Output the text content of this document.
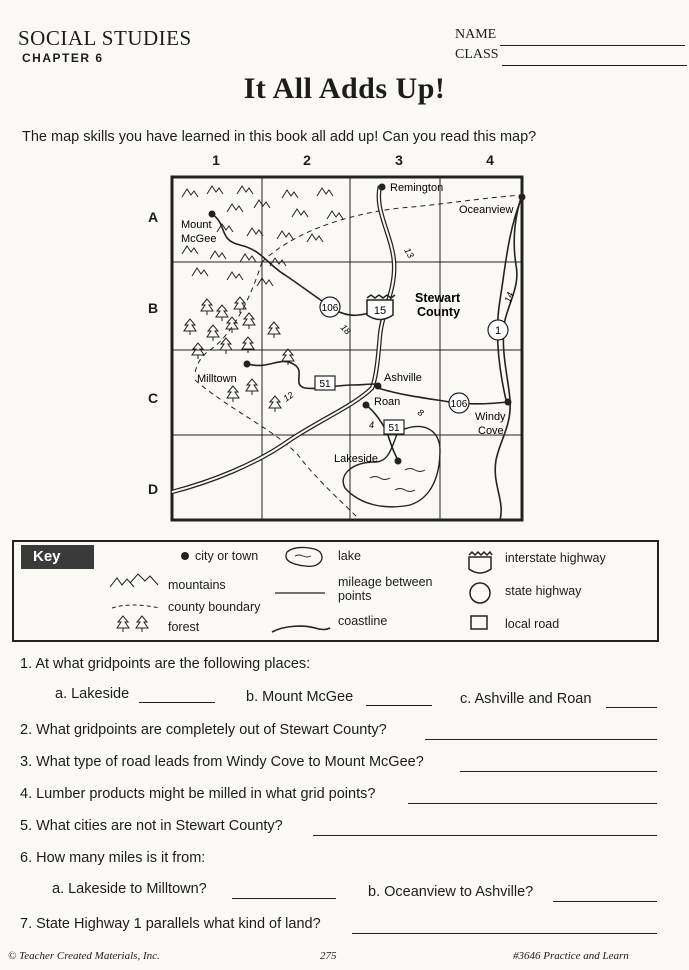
SOCIAL STUDIES
CHAPTER 6
NAME
CLASS
It All Adds Up!
The map skills you have learned in this book all add up! Can you read this map?
1	2	3	4
A
B
C
D
15
106
106
1
51
51
13
18
14
12
8
4
Remington
Oceanview
Mount
McGee
Stewart
County
Milltown	Ashville
Roan
Windy
Cove
Lakeside
Key	city or town	lake	interstate highway
mountains	mileage between
points	state highway
county boundary
forest	coastline	local road
1. At what gridpoints are the following places:
a. Lakeside	b. Mount McGee	c. Ashville and Roan
2. What gridpoints are completely out of Stewart County?
3. What type of road leads from Windy Cove to Mount McGee?
4. Lumber products might be milled in what grid points?
5. What cities are not in Stewart County?
6. How many miles is it from:
a. Lakeside to Milltown?	b. Oceanview to Ashville?
7. State Highway 1 parallels what kind of land?
© Teacher Created Materials, Inc.	275	#3646 Practice and Learn
